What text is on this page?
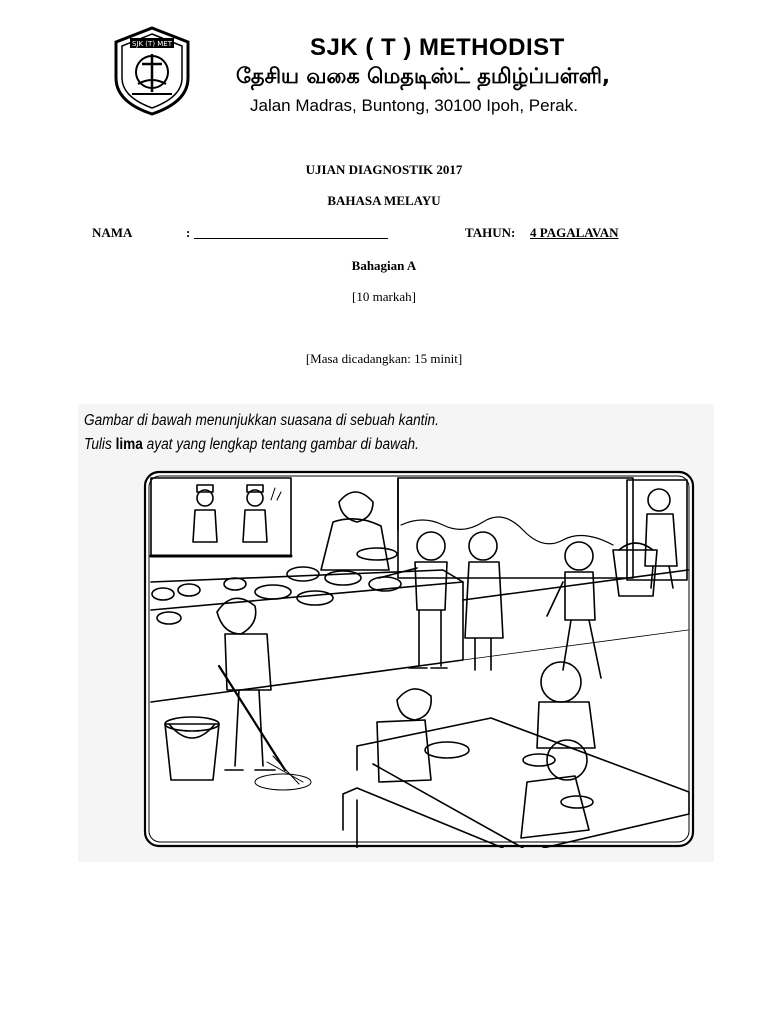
SJK (T) MET	SJK ( T ) METHODIST
தேசிய வகை மெதடிஸ்ட் தமிழ்ப்பள்ளி,
Jalan Madras, Buntong, 30100 Ipoh, Perak.
UJIAN DIAGNOSTIK 2017
BAHASA MELAYU
NAMA	:	TAHUN: 4 PAGALAVAN
Bahagian A
[10 markah]
[Masa dicadangkan: 15 minit]
Gambar di bawah menunjukkan suasana di sebuah kantin.
Tulis lima ayat yang lengkap tentang gambar di bawah.
